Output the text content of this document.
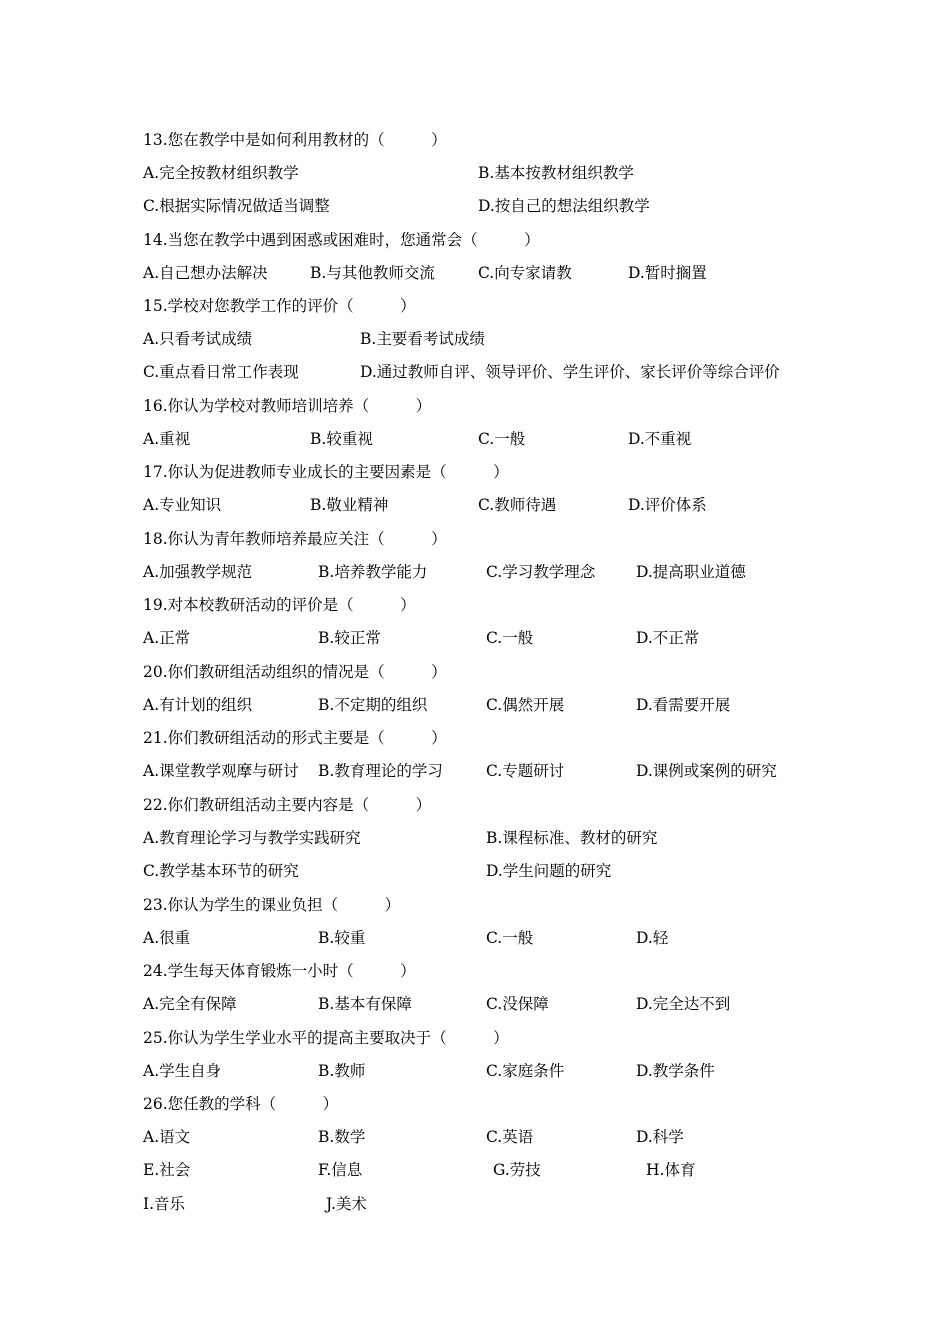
13.您在教学中是如何利用教材的（　　　）
A.完全按教材组织教学	B.基本按教材组织教学
C.根据实际情况做适当调整	D.按自己的想法组织教学
14.当您在教学中遇到困惑或困难时，您通常会（　　　）
A.自己想办法解决	B.与其他教师交流	C.向专家请教	D.暂时搁置
15.学校对您教学工作的评价（　　　）
A.只看考试成绩	B.主要看考试成绩
C.重点看日常工作表现	D.通过教师自评、领导评价、学生评价、家长评价等综合评价
16.你认为学校对教师培训培养（　　　）
A.重视	B.较重视	C.一般	D.不重视
17.你认为促进教师专业成长的主要因素是（　　　）
A.专业知识	B.敬业精神	C.教师待遇	D.评价体系
18.你认为青年教师培养最应关注（　　　）
A.加强教学规范	B.培养教学能力	C.学习教学理念	D.提高职业道德
19.对本校教研活动的评价是（　　　）
A.正常	B.较正常	C.一般	D.不正常
20.你们教研组活动组织的情况是（　　　）
A.有计划的组织	B.不定期的组织	C.偶然开展	D.看需要开展
21.你们教研组活动的形式主要是（　　　）
A.课堂教学观摩与研讨 B.教育理论的学习	C.专题研讨	D.课例或案例的研究
22.你们教研组活动主要内容是（　　　）
A.教育理论学习与教学实践研究	B.课程标准、教材的研究
C.教学基本环节的研究	D.学生问题的研究
23.你认为学生的课业负担（　　　）
A.很重	B.较重	C.一般	D.轻
24.学生每天体育锻炼一小时（　　　）
A.完全有保障	B.基本有保障	C.没保障	D.完全达不到
25.你认为学生学业水平的提高主要取决于（　　　）
A.学生自身	B.教师	C.家庭条件	D.教学条件
26.您任教的学科（　　　）
A.语文	B.数学	C.英语	D.科学
E.社会	F.信息	G.劳技	H.体育
I.音乐	J.美术
